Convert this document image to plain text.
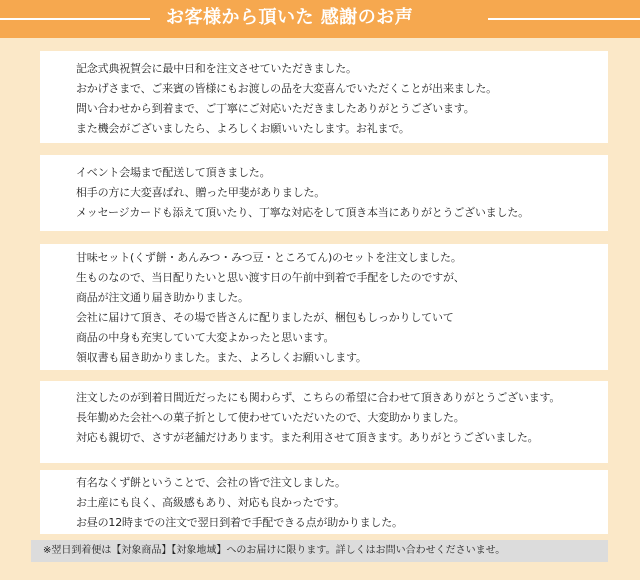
お客様から頂いた 感謝のお声

記念式典祝賀会に最中日和を注文させていただきました。

おかげさまで、ご来賓の皆様にもお渡しの品を大変喜んでいただくことが出来ました。

問い合わせから到着まで、ご丁寧にご対応いただきましたありがとうございます。

また機会がございましたら、よろしくお願いいたします。お礼まで。

イベント会場まで配送して頂きました。

相手の方に大変喜ばれ、贈った甲斐がありました。

メッセージカードも添えて頂いたり、丁寧な対応をして頂き本当にありがとうございました。

甘味セット(くず餅・あんみつ・みつ豆・ところてん)のセットを注文しました。

生ものなので、当日配りたいと思い渡す日の午前中到着で手配をしたのですが、

商品が注文通り届き助かりました。

会社に届けて頂き、その場で皆さんに配りましたが、梱包もしっかりしていて

商品の中身も充実していて大変よかったと思います。

領収書も届き助かりました。また、よろしくお願いします。

注文したのが到着日間近だったにも関わらず、こちらの希望に合わせて頂きありがとうございます。

長年勤めた会社への菓子折として使わせていただいたので、大変助かりました。

対応も親切で、さすが老舗だけあります。また利用させて頂きます。ありがとうございました。

有名なくず餅ということで、会社の皆で注文しました。

お土産にも良く、高級感もあり、対応も良かったです。

お昼の12時までの注文で翌日到着で手配できる点が助かりました。

※翌日到着便は【対象商品】【対象地域】へのお届けに限ります。詳しくはお問い合わせくださいませ。
